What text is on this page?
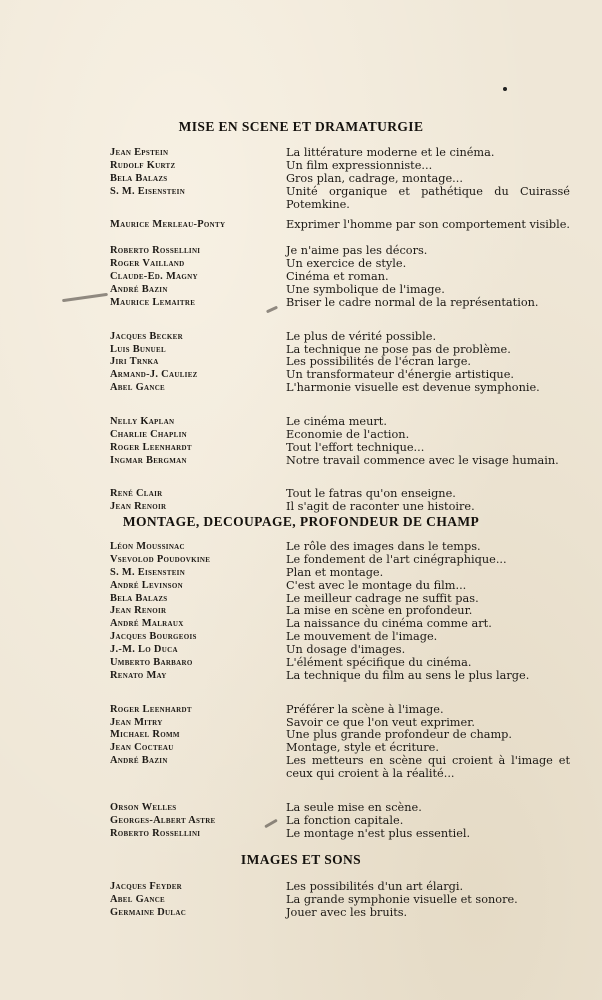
MISE EN SCENE ET DRAMATURGIE
Jean Epstein	La littérature moderne et le cinéma.
Rudolf Kurtz	Un film expressionniste...
Bela Balazs	Gros plan, cadrage, montage...
S. M. Eisenstein	Unité organique et pathétique du Cuirassé Potemkine.
Maurice Merleau-Ponty	Exprimer l'homme par son comportement visible.
Roberto Rossellini	Je n'aime pas les décors.
Roger Vailland	Un exercice de style.
Claude-Ed. Magny	Cinéma et roman.
André Bazin	Une symbolique de l'image.
Maurice Lemaitre	Briser le cadre normal de la représentation.
Jacques Becker	Le plus de vérité possible.
Luis Bunuel	La technique ne pose pas de problème.
Jiri Trnka	Les possibilités de l'écran large.
Armand-J. Cauliez	Un transformateur d'énergie artistique.
Abel Gance	L'harmonie visuelle est devenue symphonie.
Nelly Kaplan	Le cinéma meurt.
Charlie Chaplin	Economie de l'action.
Roger Leenhardt	Tout l'effort technique...
Ingmar Bergman	Notre travail commence avec le visage humain.
René Clair	Tout le fatras qu'on enseigne.
Jean Renoir	Il s'agit de raconter une histoire.
MONTAGE, DECOUPAGE, PROFONDEUR DE CHAMP
Léon Moussinac	Le rôle des images dans le temps.
Vsevolod Poudovkine	Le fondement de l'art cinégraphique...
S. M. Eisenstein	Plan et montage.
André Levinson	C'est avec le montage du film...
Bela Balazs	Le meilleur cadrage ne suffit pas.
Jean Renoir	La mise en scène en profondeur.
André Malraux	La naissance du cinéma comme art.
Jacques Bourgeois	Le mouvement de l'image.
J.-M. Lo Duca	Un dosage d'images.
Umberto Barbaro	L'élément spécifique du cinéma.
Renato May	La technique du film au sens le plus large.
Roger Leenhardt	Préférer la scène à l'image.
Jean Mitry	Savoir ce que l'on veut exprimer.
Michael Romm	Une plus grande profondeur de champ.
Jean Cocteau	Montage, style et écriture.
André Bazin	Les metteurs en scène qui croient à l'image et ceux qui croient à la réalité...
Orson Welles	La seule mise en scène.
Georges-Albert Astre	La fonction capitale.
Roberto Rossellini	Le montage n'est plus essentiel.
IMAGES ET SONS
Jacques Feyder	Les possibilités d'un art élargi.
Abel Gance	La grande symphonie visuelle et sonore.
Germaine Dulac	Jouer avec les bruits.
